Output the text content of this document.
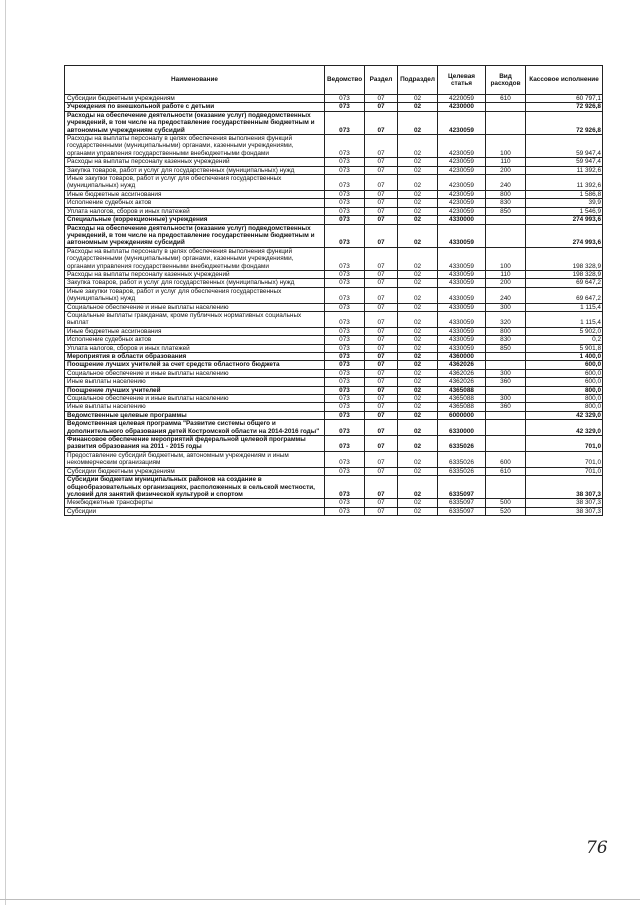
Наименование	Ведомство	Раздел	Подраздел	Целевая статья	Вид расходов	Кассовое исполнение
Субсидии бюджетным учреждениям	073	07	02	4220059	610	60 797,1
Учреждения по внешкольной работе с детьми	073	07	02	4230000		72 926,8
Расходы на обеспечение деятельности (оказание услуг) подведомственных учреждений, в том числе на предоставление государственным бюджетным и автономным учреждениям субсидий	073	07	02	4230059		72 926,8
Расходы на выплаты персоналу в целях обеспечения выполнения функций государственными (муниципальными) органами, казенными учреждениями, органами управления государственными внебюджетными фондами	073	07	02	4230059	100	59 947,4
Расходы на выплаты персоналу казенных учреждений	073	07	02	4230059	110	59 947,4
Закупка товаров, работ и услуг для государственных (муниципальных) нужд	073	07	02	4230059	200	11 392,6
Иные закупки товаров, работ и услуг для обеспечения государственных (муниципальных) нужд	073	07	02	4230059	240	11 392,6
Иные бюджетные ассигнования	073	07	02	4230059	800	1 586,8
Исполнение судебных актов	073	07	02	4230059	830	39,9
Уплата налогов, сборов и иных платежей	073	07	02	4230059	850	1 546,9
Специальные (коррекционные) учреждения	073	07	02	4330000		274 993,6
Расходы на обеспечение деятельности (оказание услуг) подведомственных учреждений, в том числе на предоставление государственным бюджетным и автономным учреждениям субсидий	073	07	02	4330059		274 993,6
Расходы на выплаты персоналу в целях обеспечения выполнения функций государственными (муниципальными) органами, казенными учреждениями, органами управления государственными внебюджетными фондами	073	07	02	4330059	100	198 328,9
Расходы на выплаты персоналу казенных учреждений	073	07	02	4330059	110	198 328,9
Закупка товаров, работ и услуг для государственных (муниципальных) нужд	073	07	02	4330059	200	69 647,2
Иные закупки товаров, работ и услуг для обеспечения государственных (муниципальных) нужд	073	07	02	4330059	240	69 647,2
Социальное обеспечение и иные выплаты населению	073	07	02	4330059	300	1 115,4
Социальные выплаты гражданам, кроме публичных нормативных социальных выплат	073	07	02	4330059	320	1 115,4
Иные бюджетные ассигнования	073	07	02	4330059	800	5 902,0
Исполнение судебных актов	073	07	02	4330059	830	0,2
Уплата налогов, сборов и иных платежей	073	07	02	4330059	850	5 901,8
Мероприятия в области образования	073	07	02	4360000		1 400,0
Поощрение лучших учителей за счет средств областного бюджета	073	07	02	4362026		600,0
Социальное обеспечение и иные выплаты населению	073	07	02	4362026	300	600,0
Иные выплаты населению	073	07	02	4362026	360	600,0
Поощрение лучших учителей	073	07	02	4365088		800,0
Социальное обеспечение и иные выплаты населению	073	07	02	4365088	300	800,0
Иные выплаты населению	073	07	02	4365088	360	800,0
Ведомственные целевые программы	073	07	02	6000000		42 329,0
Ведомственная целевая программа "Развитие системы общего и дополнительного образования детей Костромской области на 2014-2016 годы"	073	07	02	6330000		42 329,0
Финансовое обеспечение мероприятий федеральной целевой программы развития образования на 2011 - 2015 годы	073	07	02	6335026		701,0
Предоставление субсидий бюджетным, автономным учреждениям и иным некоммерческим организациям	073	07	02	6335026	600	701,0
Субсидии бюджетным учреждениям	073	07	02	6335026	610	701,0
Субсидии бюджетам муниципальных районов на создание в общеобразовательных организациях, расположенных в сельской местности, условий для занятий физической культурой и спортом	073	07	02	6335097		38 307,3
Межбюджетные трансферты	073	07	02	6335097	500	38 307,3
Субсидии	073	07	02	6335097	520	38 307,3
76
